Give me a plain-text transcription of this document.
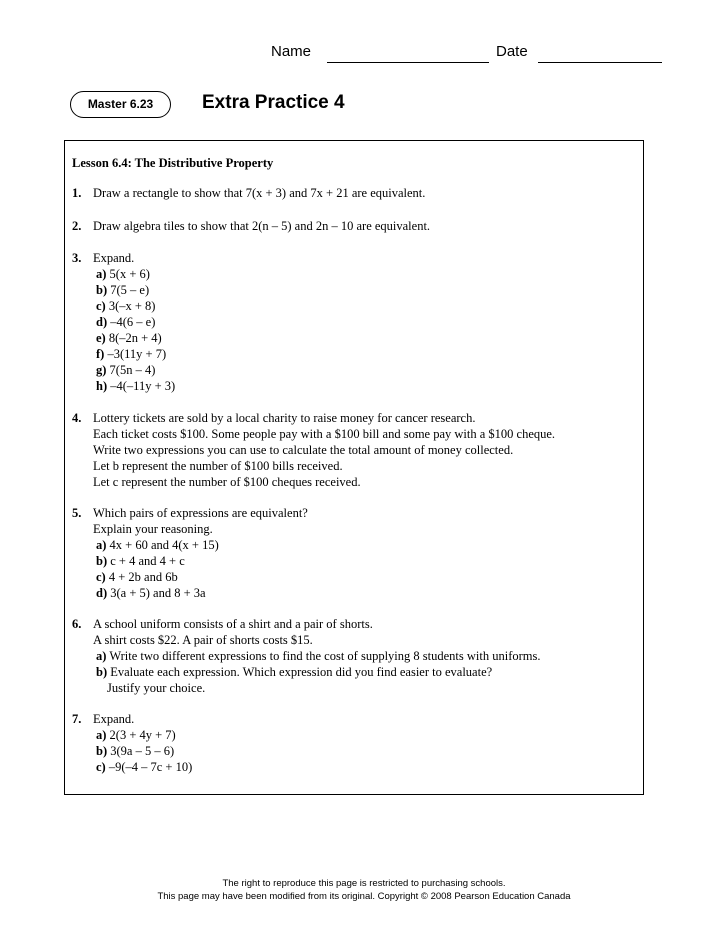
Name	Date
Master 6.23	Extra Practice 4
Lesson 6.4: The Distributive Property
1. Draw a rectangle to show that 7(x + 3) and 7x + 21 are equivalent.
2. Draw algebra tiles to show that 2(n – 5) and 2n – 10 are equivalent.
3. Expand.
a) 5(x + 6)
b) 7(5 – e)
c) 3(–x + 8)
d) –4(6 – e)
e) 8(–2n + 4)
f) –3(11y + 7)
g) 7(5n – 4)
h) –4(–11y + 3)
4. Lottery tickets are sold by a local charity to raise money for cancer research.
Each ticket costs $100. Some people pay with a $100 bill and some pay with a $100 cheque.
Write two expressions you can use to calculate the total amount of money collected.
Let b represent the number of $100 bills received.
Let c represent the number of $100 cheques received.
5. Which pairs of expressions are equivalent?
Explain your reasoning.
a) 4x + 60 and 4(x + 15)
b) c + 4 and 4 + c
c) 4 + 2b and 6b
d) 3(a + 5) and 8 + 3a
6. A school uniform consists of a shirt and a pair of shorts.
A shirt costs $22. A pair of shorts costs $15.
a) Write two different expressions to find the cost of supplying 8 students with uniforms.
b) Evaluate each expression. Which expression did you find easier to evaluate?
Justify your choice.
7. Expand.
a) 2(3 + 4y + 7)
b) 3(9a – 5 – 6)
c) –9(–4 – 7c + 10)
The right to reproduce this page is restricted to purchasing schools.
This page may have been modified from its original. Copyright © 2008 Pearson Education Canada
